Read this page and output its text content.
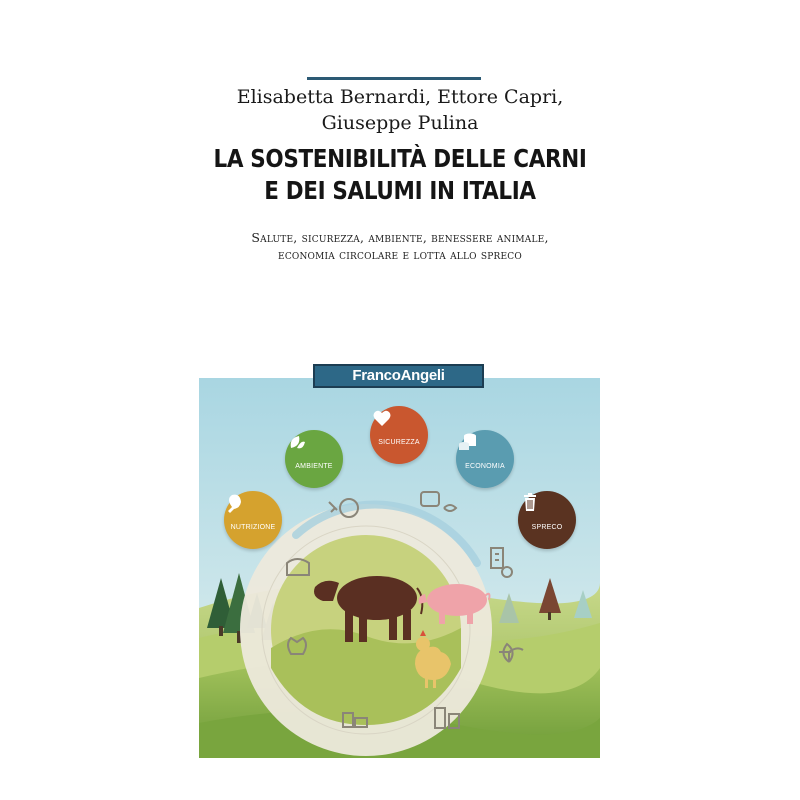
Elisabetta Bernardi, Ettore Capri,
Giuseppe Pulina
LA SOSTENIBILITÀ DELLE CARNI
E DEI SALUMI IN ITALIA
Salute, sicurezza, ambiente, benessere animale,
economia circolare e lotta allo spreco
FrancoAngeli
NUTRIZIONE
AMBIENTE
SICUREZZA
ECONOMIA
SPRECO
